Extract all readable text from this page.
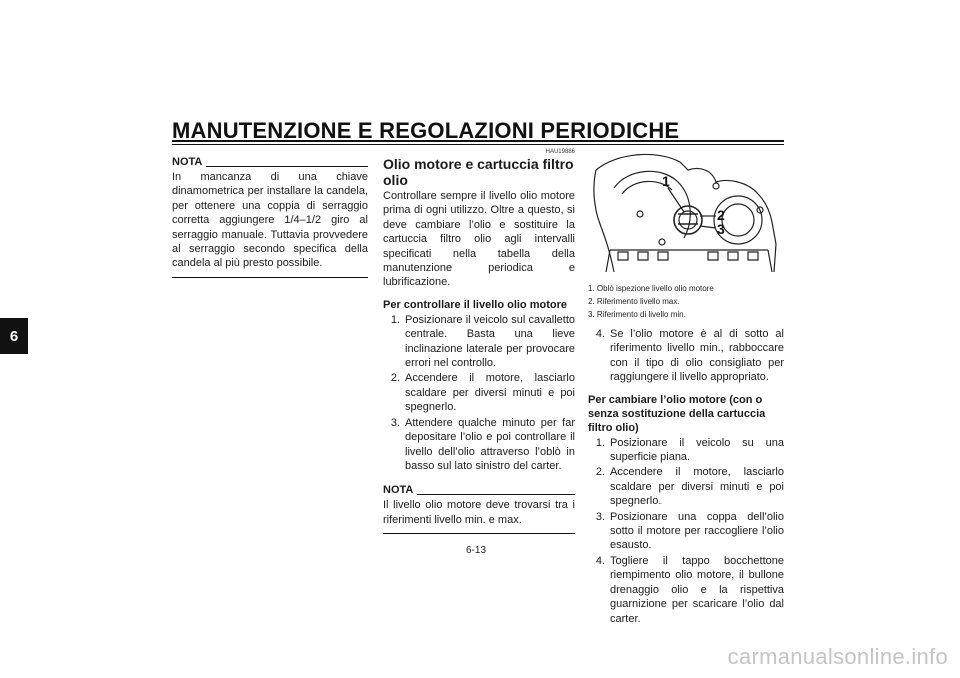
MANUTENZIONE E REGOLAZIONI PERIODICHE
6
NOTA

In mancanza di una chiave dinamometrica per installare la candela, per ottenere una coppia di serraggio corretta aggiungere 1/4–1/2 giro al serraggio manuale. Tuttavia provvedere al serraggio secondo specifica della candela al più presto possibile.

HAU19886
Olio motore e cartuccia filtro olio

Controllare sempre il livello olio motore prima di ogni utilizzo. Oltre a questo, si deve cambiare l’olio e sostituire la cartuccia filtro olio agli intervalli specificati nella tabella della manutenzione periodica e lubrificazione.

Per controllare il livello olio motore
1. Posizionare il veicolo sul cavalletto centrale. Basta una lieve inclinazione laterale per provocare errori nel controllo.
2. Accendere il motore, lasciarlo scaldare per diversi minuti e poi spegnerlo.
3. Attendere qualche minuto per far depositare l’olio e poi controllare il livello dell’olio attraverso l’oblò in basso sul lato sinistro del carter.
NOTA

Il livello olio motore deve trovarsi tra i riferimenti livello min. e max.

1
2
3
1. Oblò ispezione livello olio motore
2. Riferimento livello max.
3. Riferimento di livello min.
4. Se l’olio motore è al di sotto al riferimento livello min., rabboccare con il tipo di olio consigliato per raggiungere il livello appropriato.
Per cambiare l’olio motore (con o senza sostituzione della cartuccia filtro olio)
1. Posizionare il veicolo su una superficie piana.
2. Accendere il motore, lasciarlo scaldare per diversi minuti e poi spegnerlo.
3. Posizionare una coppa dell’olio sotto il motore per raccogliere l’olio esausto.
4. Togliere il tappo bocchettone riempimento olio motore, il bullone drenaggio olio e la rispettiva guarnizione per scaricare l’olio dal carter.
6-13
carmanualsonline.info
